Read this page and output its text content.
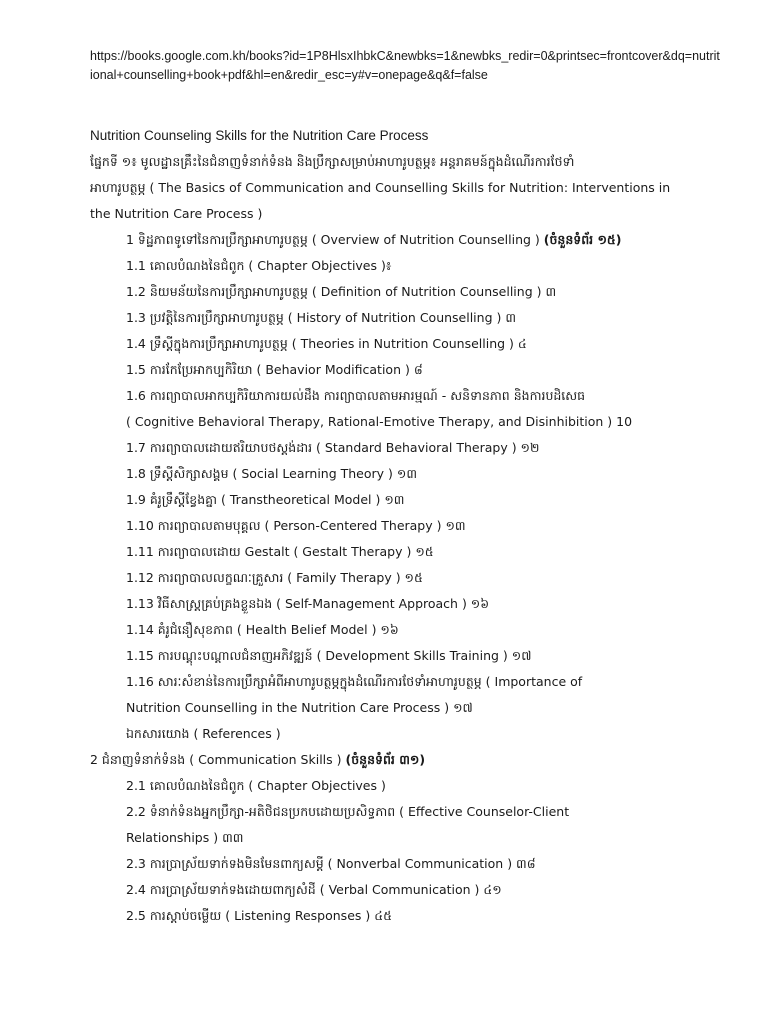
https://books.google.com.kh/books?id=1P8HlsxIhbkC&newbks=1&newbks_redir=0&printsec=frontcover&dq=nutritional+counselling+book+pdf&hl=en&redir_esc=y#v=onepage&q&f=false
Nutrition Counseling Skills for the Nutrition Care Process
ផ្នែកទី ១៖ មូលដ្ឋានគ្រឹះនៃជំនាញទំនាក់ទំនង និងប្រឹក្សាសម្រាប់អាហារូបត្ថម្ភ៖ អន្តរាគមន៍ក្នុងដំណើរការថែទាំ
អាហារូបត្ថម្ភ ( The Basics of Communication and Counselling Skills for Nutrition: Interventions in
the Nutrition Care Process )
1 ទិដ្ឋភាពទូទៅនៃការប្រឹក្សាអាហារូបត្ថម្ភ ( Overview of Nutrition Counselling ) (ចំនួនទំព័រ ១៥)
1.1 គោលបំណងនៃជំពូក ( Chapter Objectives )៖
1.2 និយមន័យនៃការប្រឹក្សាអាហារូបត្ថម្ភ ( Definition of Nutrition Counselling ) ៣
1.3 ប្រវត្តិនៃការប្រឹក្សាអាហារូបត្ថម្ភ ( History of Nutrition Counselling ) ៣
1.4 ទ្រឹស្តីក្នុងការប្រឹក្សាអាហារូបត្ថម្ភ ( Theories in Nutrition Counselling ) ៤
1.5 ការកែប្រែអាកប្បកិរិយា ( Behavior Modification ) ៨
1.6 ការព្យាបាលអាកប្បកិរិយាការយល់ដឹង ការព្យាបាលតាមអារម្មណ៍ - សនិទានភាព និងការបដិសេធ
( Cognitive Behavioral Therapy, Rational-Emotive Therapy, and Disinhibition ) 10
1.7 ការព្យាបាលដោយឥរិយាបថស្តង់ដារ ( Standard Behavioral Therapy ) ១២
1.8 ទ្រឹស្តីសិក្សាសង្គម ( Social Learning Theory ) ១៣
1.9 គំរូទ្រឹស្តីខ្វែងគ្នា ( Transtheoretical Model ) ១៣
1.10 ការព្យាបាលតាមបុគ្គល ( Person-Centered Therapy ) ១៣
1.11 ការព្យាបាលដោយ Gestalt ( Gestalt Therapy ) ១៥
1.12 ការព្យាបាលលក្ខណៈគ្រួសារ ( Family Therapy ) ១៥
1.13 វិធីសាស្ត្រគ្រប់គ្រងខ្លួនឯង ( Self-Management Approach ) ១៦
1.14 គំរូជំនឿសុខភាព ( Health Belief Model ) ១៦
1.15 ការបណ្តុះបណ្តាលជំនាញអភិវឌ្ឍន៍ ( Development Skills Training ) ១៧
1.16 សារៈសំខាន់នៃការប្រឹក្សាអំពីអាហារូបត្ថម្ភក្នុងដំណើរការថែទាំអាហារូបត្ថម្ភ ( Importance of
Nutrition Counselling in the Nutrition Care Process ) ១៧
ឯកសារយោង ( References )
2 ជំនាញទំនាក់ទំនង ( Communication Skills ) (ចំនួនទំព័រ ៣១)
2.1 គោលបំណងនៃជំពូក ( Chapter Objectives )
2.2 ទំនាក់ទំនងអ្នកប្រឹក្សា-អតិថិជនប្រកបដោយប្រសិទ្ធភាព ( Effective Counselor-Client
Relationships ) ៣៣
2.3 ការប្រាស្រ័យទាក់ទងមិនមែនពាក្យសម្តី ( Nonverbal Communication ) ៣៨
2.4 ការប្រាស្រ័យទាក់ទងដោយពាក្យសំដី ( Verbal Communication ) ៤១
2.5 ការស្តាប់ចម្លើយ ( Listening Responses ) ៤៥
